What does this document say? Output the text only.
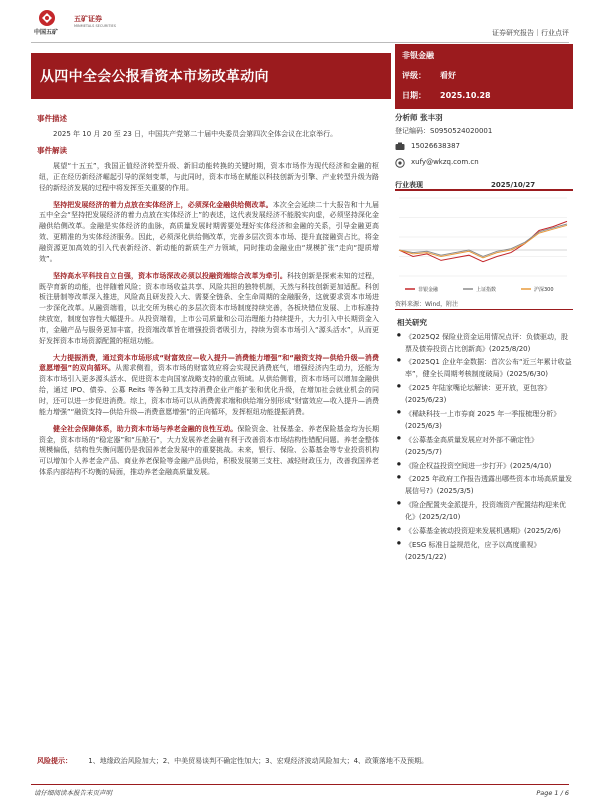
中国五矿
五矿证券
MINMETALS SECURITIES
证券研究报告｜行业点评
从四中全会公报看资本市场改革动向
非银金融
评级： 看好
日期： 2025.10.28
事件描述
2025 年 10 月 20 至 23 日，中国共产党第二十届中央委员会第四次全体会议在北京举行。
事件解读
展望“十五五”，我国正值经济转型升级、新旧动能转换的关键时期，资本市场作为现代经济和金融的枢纽，正在经历新经济崛起引导的深刻变革，与此同时，资本市场在赋能以科技创新为引擎、产业转型升级为路径的新经济发展的过程中将发挥至关重要的作用。
坚持把发展经济的着力点放在实体经济上，必须深化金融供给侧改革。本次全会延续二十大报告和十九届五中全会“坚持把发展经济的着力点放在实体经济上”的表述，这代表发展经济不能脱实向虚，必须坚持深化金融供给侧改革。金融是实体经济的血脉，高质量发展时期需要处理好实体经济和金融的关系，引导金融更高效、更精准的为实体经济服务。因此，必须深化供给侧改革，完善多层次资本市场、提升直接融资占比，将金融资源更加高效的引入代表新经济、新动能的新质生产力领域，同时推动金融业由“规模扩张”走向“提质增效”。
坚持高水平科技自立自强，资本市场深改必须以投融资端综合改革为牵引。科技创新是探索未知的过程，既孕育新的动能，也伴随着风险；资本市场收益共享、风险共担的独特机制，天然与科技创新更加适配。科创板注册制等改革深入推进，风险高且研发投入大、需要全链条、全生命周期的金融服务，这就要求资本市场进一步深化改革。从融资端看，以北交所为核心的多层次资本市场制度持续完善，各板块错位发展、上市标准持续放宽，制度包容性大幅提升。从投资端看，上市公司质量和公司治理能力持续提升，大力引入中长期资金入市，金融产品与服务更加丰富，投资端改革旨在增强投资者吸引力，持续为资本市场引入“源头活水”，从而更好发挥资本市场资源配置的枢纽功能。
大力提振消费，通过资本市场形成“财富效应—收入提升—消费能力增强”和“融资支持—供给升级—消费意愿增强”的双向循环。从需求侧看，资本市场的财富效应将会实现民消费底气，增强经济内生动力，还能为资本市场引入更多源头活水、促进资本走向国家战略支持的重点领域。从供给侧看，资本市场可以增加金融供给，通过 IPO、债券、公募 Reits 等各种工具支持消费企业产能扩张和优化升级，在增加社会就业机会的同时，还可以进一步促进消费。综上，资本市场可以从消费需求端和供给端分别形成“财富效应—收入提升—消费能力增强”“融资支持—供给升级—消费意愿增强”的正向循环，发挥枢纽功能提振消费。
健全社会保障体系，助力资本市场与养老金融的良性互动。保险资金、社保基金、养老保险基金均为长期资金，资本市场的“稳定器”和“压舱石”，大力发展养老金融有利于改善资本市场结构性错配问题。养老金整体规模偏低，结构性失衡问题仍是我国养老金发展中的重要挑战。未来，银行、保险、公募基金等专业投资机构可以增加个人养老金产品、商业养老保险等金融产品供给，积极发展第三支柱、减轻财政压力，改善我国养老体系内部结构不均衡的局面，推动养老金融高质量发展。
分析师 张丰羽
登记编码：S0950524020001
15026638387
xufy@wkzq.com.cn
行业表现	2025/10/27
非银金融	上证指数	沪深300
资料来源：Wind，附注
相关研究
● 《2025Q2 保险业资金运用情况点评：负债驱动，股票及债券投资占比创新高》(2025/8/20)
● 《2025Q1 企业年金数据：首次公布“近三年累计收益率”，健全长周期考核制度破局》(2025/6/30)
● 《2025 年陆家嘴论坛解读：更开放，更包容》(2025/6/23)
● 《稀缺科技一上市券商 2025 年一季报梳理分析》(2025/6/3)
● 《公募基金高质量发展应对外部不确定性》(2025/5/7)
● 《险企权益投资空间进一步打开》(2025/4/10)
● 《2025 年政府工作报告透露出哪些资本市场高质量发展信号?》(2025/3/5)
● 《险企配置夹金派提升，投资端资产配置结构迎来优化》(2025/2/10)
● 《公募基金被动投资迎来发展机遇期》(2025/2/6)
● 《ESG 标准日益规范化，应予以高度重视》(2025/1/22)
风险提示： 1、地缘政治风险加大；2、中美贸易谈判不确定性加大；3、宏观经济波动风险加大；4、政策落地不及预期。
请仔细阅读本报告末页声明	Page 1 / 6
